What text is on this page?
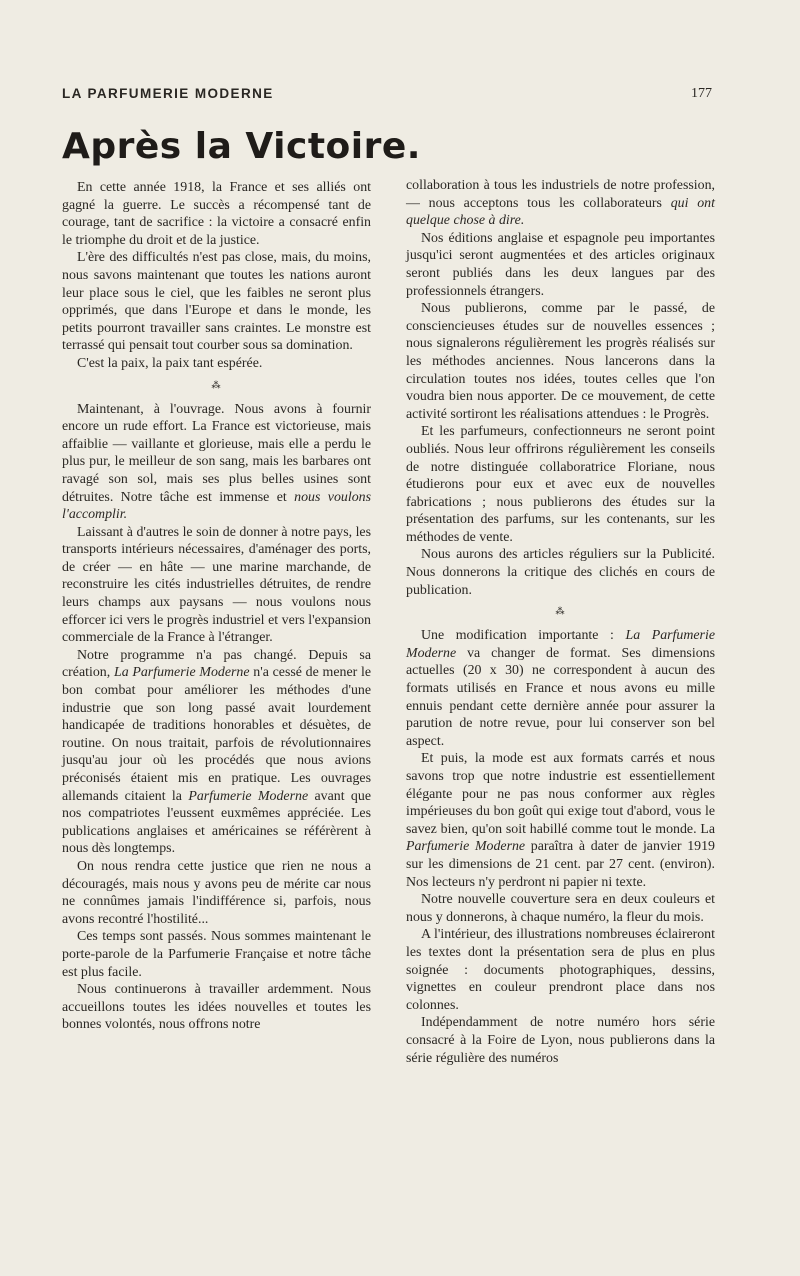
LA PARFUMERIE MODERNE	177
Après la Victoire.

En cette année 1918, la France et ses alliés ont gagné la guerre. Le succès a récompensé tant de courage, tant de sacrifice : la victoire a consacré enfin le triomphe du droit et de la justice.

L'ère des difficultés n'est pas close, mais, du moins, nous savons maintenant que toutes les nations auront leur place sous le ciel, que les faibles ne seront plus opprimés, que dans l'Europe et dans le monde, les petits pourront travailler sans craintes. Le monstre est terrassé qui pensait tout courber sous sa domination.

C'est la paix, la paix tant espérée.

⁂

Maintenant, à l'ouvrage. Nous avons à fournir encore un rude effort. La France est victorieuse, mais affaiblie — vaillante et glorieuse, mais elle a perdu le plus pur, le meilleur de son sang, mais les barbares ont ravagé son sol, mais ses plus belles usines sont détruites. Notre tâche est immense et nous voulons l'accomplir.

Laissant à d'autres le soin de donner à notre pays, les transports intérieurs nécessaires, d'aménager des ports, de créer — en hâte — une marine marchande, de reconstruire les cités industrielles détruites, de rendre leurs champs aux paysans — nous voulons nous efforcer ici vers le progrès industriel et vers l'expansion commerciale de la France à l'étranger.

Notre programme n'a pas changé. Depuis sa création, La Parfumerie Moderne n'a cessé de mener le bon combat pour améliorer les méthodes d'une industrie que son long passé avait lourdement handicapée de traditions honorables et désuètes, de routine. On nous traitait, parfois de révolutionnaires jusqu'au jour où les procédés que nous avions préconisés étaient mis en pratique. Les ouvrages allemands citaient la Parfumerie Moderne avant que nos compatriotes l'eussent euxmêmes appréciée. Les publications anglaises et américaines se référèrent à nous dès longtemps.

On nous rendra cette justice que rien ne nous a découragés, mais nous y avons peu de mérite car nous ne connûmes jamais l'indifférence si, parfois, nous avons recontré l'hostilité...

Ces temps sont passés. Nous sommes maintenant le porte-parole de la Parfumerie Française et notre tâche est plus facile.

Nous continuerons à travailler ardemment. Nous accueillons toutes les idées nouvelles et toutes les bonnes volontés, nous offrons notre

collaboration à tous les industriels de notre profession, — nous acceptons tous les collaborateurs qui ont quelque chose à dire.

Nos éditions anglaise et espagnole peu importantes jusqu'ici seront augmentées et des articles originaux seront publiés dans les deux langues par des professionnels étrangers.

Nous publierons, comme par le passé, de consciencieuses études sur de nouvelles essences ; nous signalerons régulièrement les progrès réalisés sur les méthodes anciennes. Nous lancerons dans la circulation toutes nos idées, toutes celles que l'on voudra bien nous apporter. De ce mouvement, de cette activité sortiront les réalisations attendues : le Progrès.

Et les parfumeurs, confectionneurs ne seront point oubliés. Nous leur offrirons régulièrement les conseils de notre distinguée collaboratrice Floriane, nous étudierons pour eux et avec eux de nouvelles fabrications ; nous publierons des études sur la présentation des parfums, sur les contenants, sur les méthodes de vente.

Nous aurons des articles réguliers sur la Publicité. Nous donnerons la critique des clichés en cours de publication.

⁂

Une modification importante : La Parfumerie Moderne va changer de format. Ses dimensions actuelles (20 x 30) ne correspondent à aucun des formats utilisés en France et nous avons eu mille ennuis pendant cette dernière année pour assurer la parution de notre revue, pour lui conserver son bel aspect.

Et puis, la mode est aux formats carrés et nous savons trop que notre industrie est essentiellement élégante pour ne pas nous conformer aux règles impérieuses du bon goût qui exige tout d'abord, vous le savez bien, qu'on soit habillé comme tout le monde. La Parfumerie Moderne paraîtra à dater de janvier 1919 sur les dimensions de 21 cent. par 27 cent. (environ). Nos lecteurs n'y perdront ni papier ni texte.

Notre nouvelle couverture sera en deux couleurs et nous y donnerons, à chaque numéro, la fleur du mois.

A l'intérieur, des illustrations nombreuses éclaireront les textes dont la présentation sera de plus en plus soignée : documents photographiques, dessins, vignettes en couleur prendront place dans nos colonnes.

Indépendamment de notre numéro hors série consacré à la Foire de Lyon, nous publierons dans la série régulière des numéros
